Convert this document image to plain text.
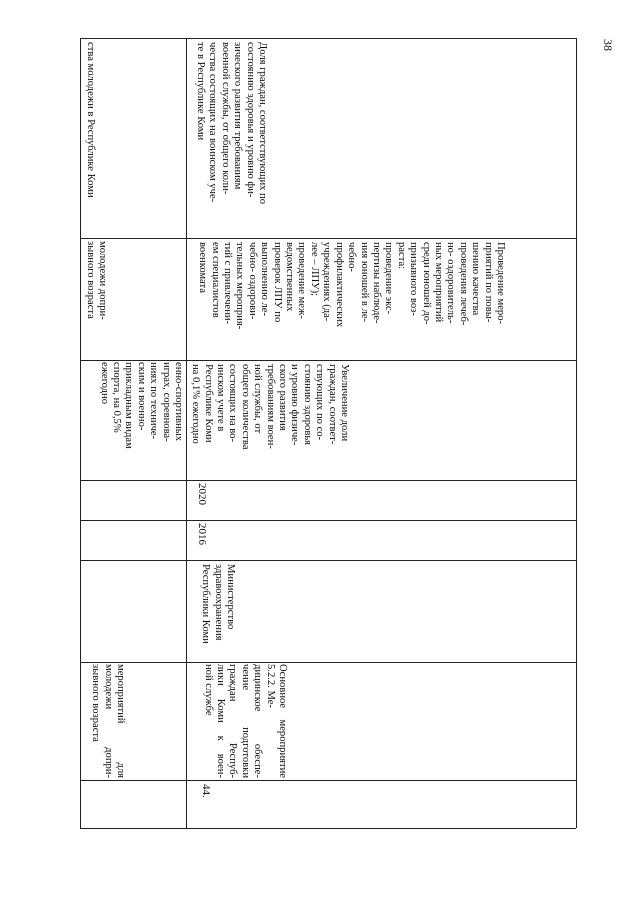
38
мероприятий для
молодежи допри-
зывного возраста
енно-спортивных
играх, соревнова-
ниях по техниче-
ским и военно-
прикладным видам
спорта, на 0,5%
ежегодно
молодежи допри-
зывного возраста
ства молодежи в Республике Коми
44.
Основное мероприятие 5.2.2. Ме-
дицинское обеспе-
чение подготовки
граждан Респуб-
лики Коми к воен-
ной службе
Министерство
здравоохранения
Республики Коми
2016
2020
Увеличение доли
граждан, соответ-
ствующих по со-
стоянию здоровья
и уровню физиче-
ского развития
требованиям воен-
ной службы, от
общего количества
состоящих на во-
инском учете в
Республике Коми
на 0,1% ежегодно
Проведение меро-
приятий по повы-
шению качества
проведения лечеб-
но- оздоровитель-
ных мероприятий
среди юношей до-
призывного воз-
раста:
проведение экс-
пертизы наблюде-
ния юношей в ле-
чебно-
профилактических
учреждениях (да-
лее – ЛПУ);
проведение меж-
ведомственных
проверок ЛПУ по
выполнению ле-
чебно- оздорови-
тельных мероприя-
тий с привлечени-
ем специалистов
военкомата
Доля граждан, соответствующих по
состоянию здоровья и уровню фи-
зического развития требованиям
военной службы, от общего коли-
чества состоящих на воинском уче-
те в Республике Коми
